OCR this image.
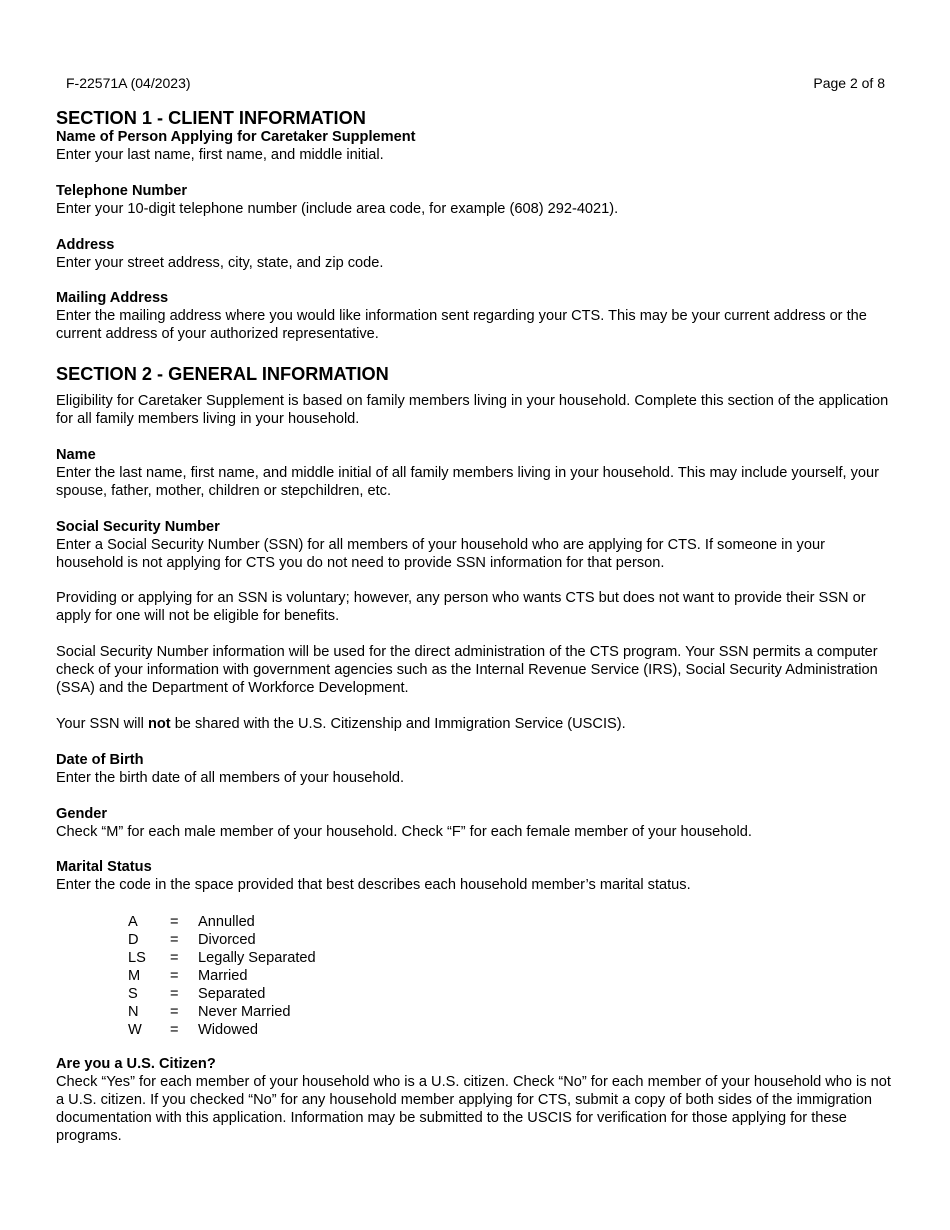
F-22571A (04/2023)	Page 2 of 8
SECTION 1 - CLIENT INFORMATION

Name of Person Applying for Caretaker Supplement

Enter your last name, first name, and middle initial.

Telephone Number

Enter your 10-digit telephone number (include area code, for example (608) 292-4021).

Address

Enter your street address, city, state, and zip code.

Mailing Address

Enter the mailing address where you would like information sent regarding your CTS. This may be your current address or the current address of your authorized representative.

SECTION 2 - GENERAL INFORMATION

Eligibility for Caretaker Supplement is based on family members living in your household. Complete this section of the application for all family members living in your household.

Name

Enter the last name, first name, and middle initial of all family members living in your household. This may include yourself, your spouse, father, mother, children or stepchildren, etc.

Social Security Number

Enter a Social Security Number (SSN) for all members of your household who are applying for CTS. If someone in your household is not applying for CTS you do not need to provide SSN information for that person.

Providing or applying for an SSN is voluntary; however, any person who wants CTS but does not want to provide their SSN or apply for one will not be eligible for benefits.

Social Security Number information will be used for the direct administration of the CTS program. Your SSN permits a computer check of your information with government agencies such as the Internal Revenue Service (IRS), Social Security Administration (SSA) and the Department of Workforce Development.

Your SSN will not be shared with the U.S. Citizenship and Immigration Service (USCIS).

Date of Birth

Enter the birth date of all members of your household.

Gender

Check “M” for each male member of your household. Check “F” for each female member of your household.

Marital Status

Enter the code in the space provided that best describes each household member’s marital status.

A	=	Annulled
D	=	Divorced
LS	=	Legally Separated
M	=	Married
S	=	Separated
N	=	Never Married
W	=	Widowed

Are you a U.S. Citizen?

Check “Yes” for each member of your household who is a U.S. citizen. Check “No” for each member of your household who is not a U.S. citizen. If you checked “No” for any household member applying for CTS, submit a copy of both sides of the immigration documentation with this application. Information may be submitted to the USCIS for verification for those applying for these programs.
